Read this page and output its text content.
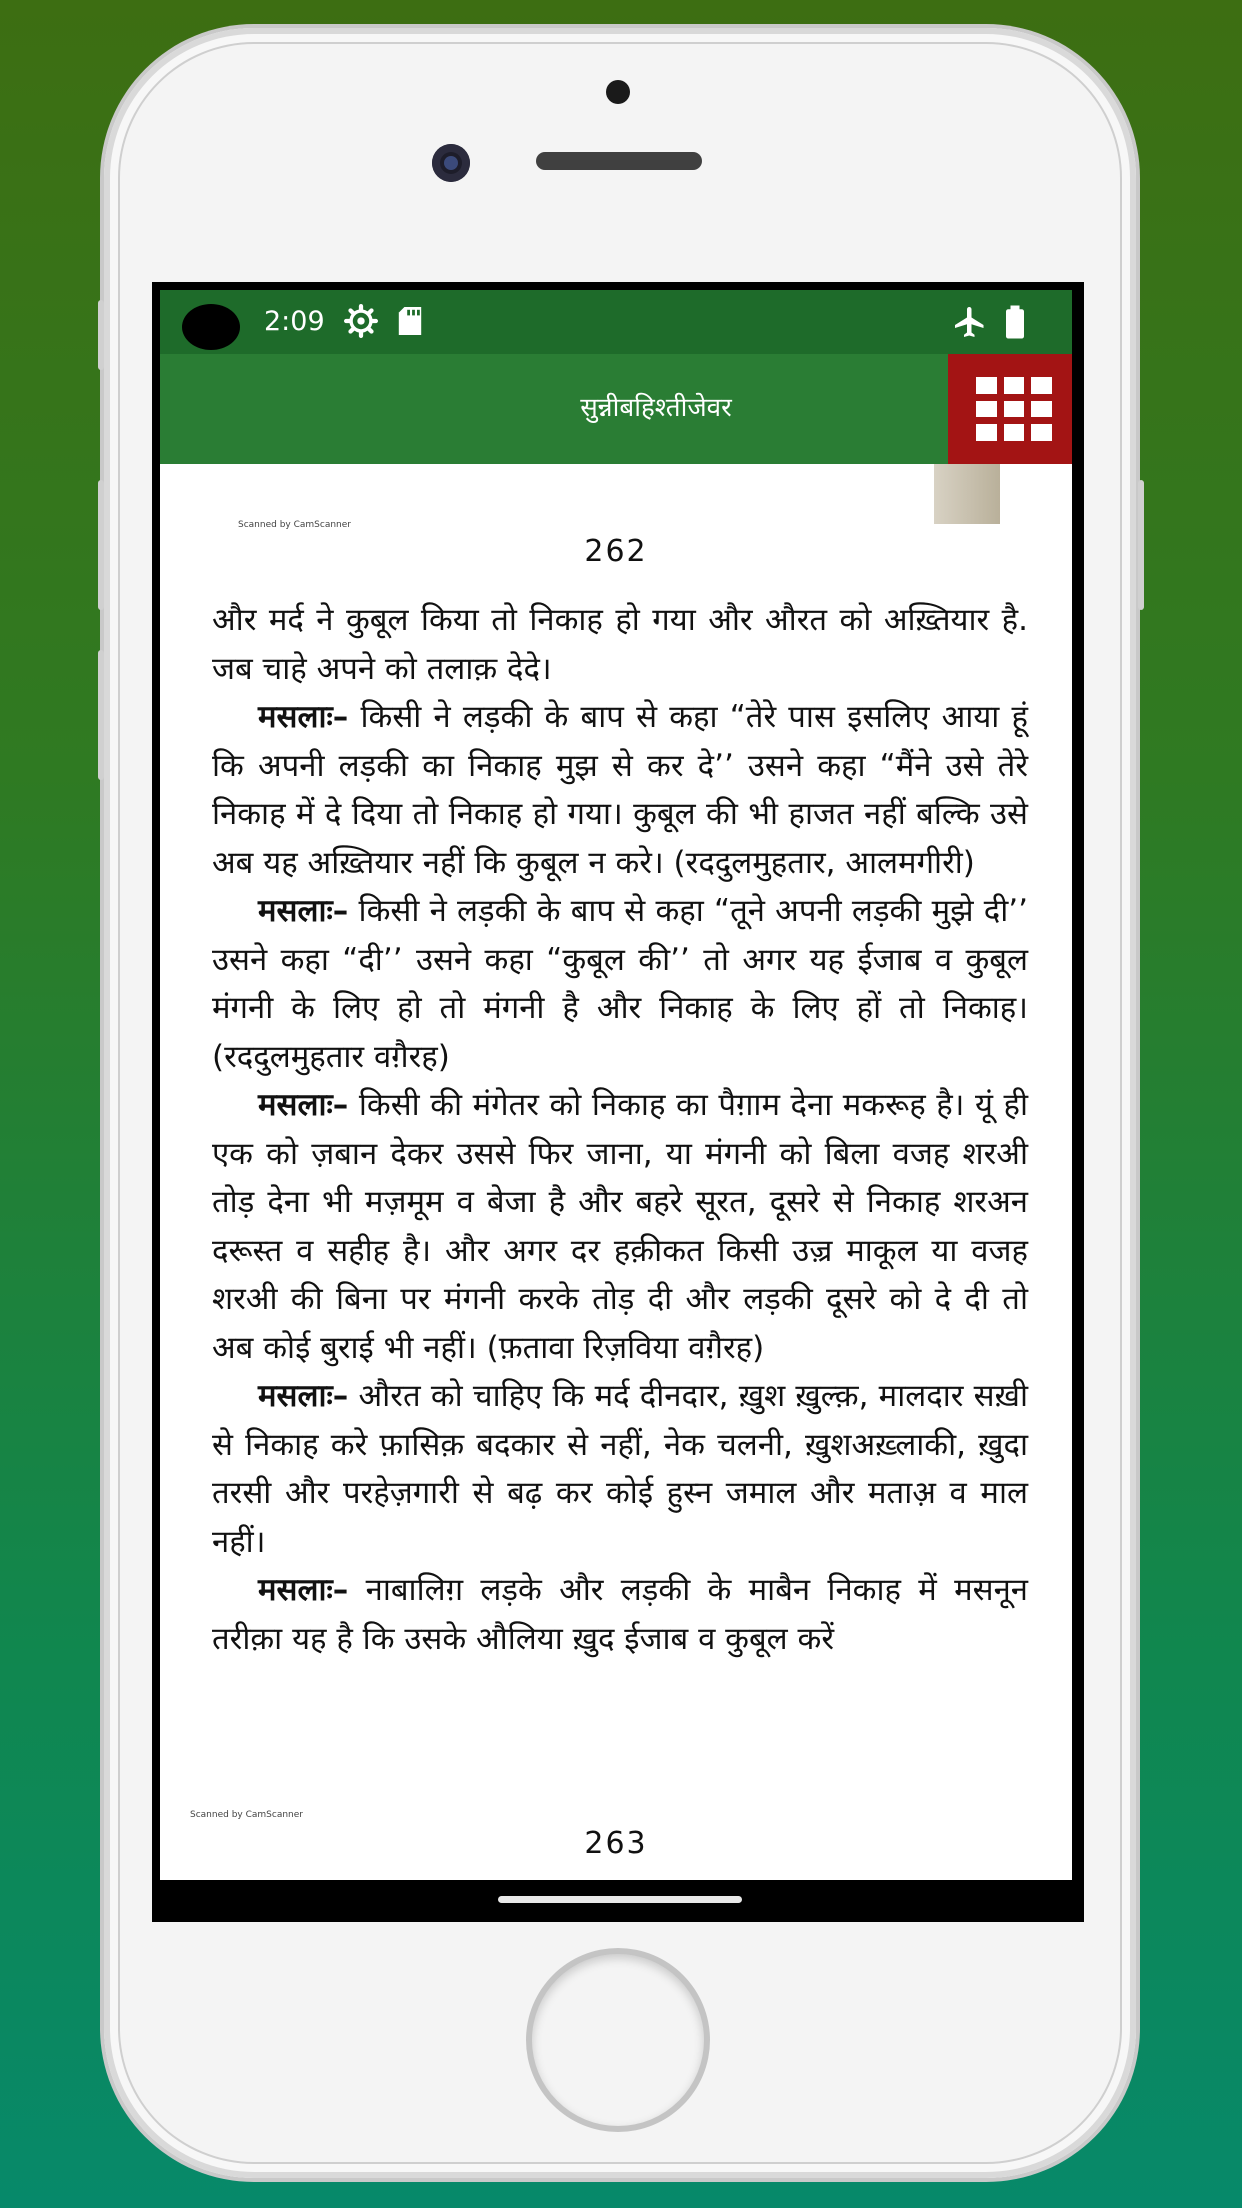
2:09
सुन्नीबहिश्तीजेवर
Scanned by CamScanner
262

और मर्द ने कुबूल किया तो निकाह हो गया और औरत को अख़्तियार है. जब चाहे अपने को तलाक़ देदे।

मसलाः– किसी ने लड़की के बाप से कहा “तेरे पास इसलिए आया हूं कि अपनी लड़की का निकाह मुझ से कर दे’’ उसने कहा “मैंने उसे तेरे निकाह में दे दिया तो निकाह हो गया। कुबूल की भी हाजत नहीं बल्कि उसे अब यह अख़्तियार नहीं कि कुबूल न करे। (रददुलमुहतार, आलमगीरी)

मसलाः– किसी ने लड़की के बाप से कहा “तूने अपनी लड़की मुझे दी’’ उसने कहा “दी’’ उसने कहा “कुबूल की’’ तो अगर यह ईजाब व कुबूल मंगनी के लिए हो तो मंगनी है और निकाह के लिए हों तो निकाह। (रददुलमुहतार वग़ैरह)

मसलाः– किसी की मंगेतर को निकाह का पैग़ाम देना मकरूह है। यूं ही एक को ज़बान देकर उससे फिर जाना, या मंगनी को बिला वजह शरअी तोड़ देना भी मज़मूम व बेजा है और बहरे सूरत, दूसरे से निकाह शरअन दरूस्त व सहीह है। और अगर दर हक़ीकत किसी उज़्र माकूल या वजह शरअी की बिना पर मंगनी करके तोड़ दी और लड़की दूसरे को दे दी तो अब कोई बुराई भी नहीं। (फ़तावा रिज़विया वग़ैरह)

मसलाः– औरत को चाहिए कि मर्द दीनदार, ख़ुश ख़ुल्क़, मालदार सख़ी से निकाह करे फ़ासिक़ बदकार से नहीं, नेक चलनी, ख़ुशअख़्लाकी, ख़ुदा तरसी और परहेज़गारी से बढ़ कर कोई हुस्न जमाल और मताअ़ व माल नहीं।

मसलाः– नाबालिग़ लड़के और लड़की के माबैन निकाह में मसनून तरीक़ा यह है कि उसके औलिया ख़ुद ईजाब व कुबूल करें

Scanned by CamScanner
263
